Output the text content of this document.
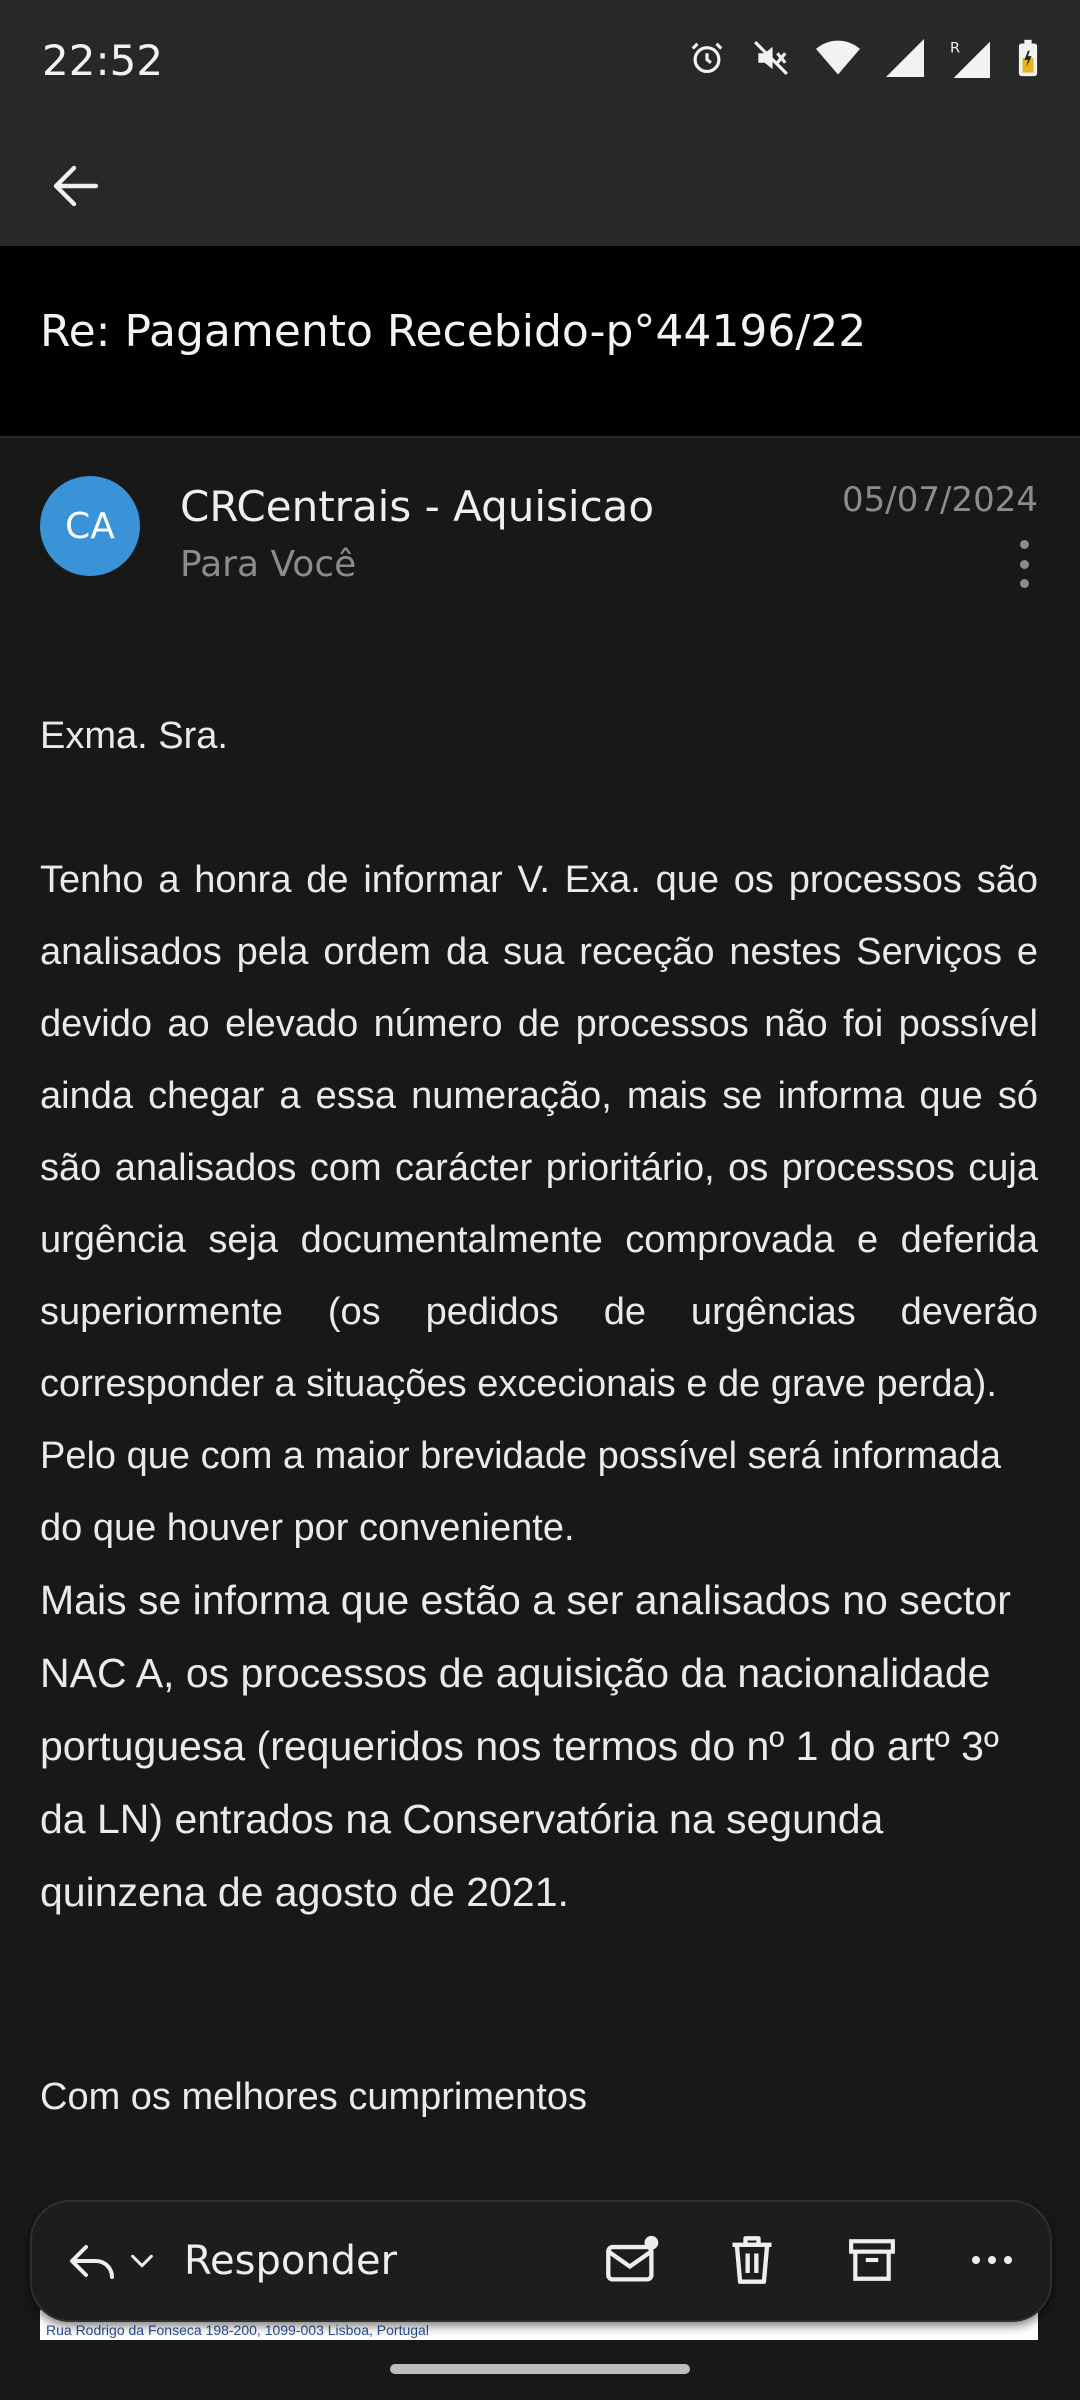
22:52	R
Re: Pagamento Recebido-p°44196/22
CA	CRCentrais - Aquisicao
Para Você
05/07/2024

Exma. Sra.

Tenho a honra de informar V. Exa. que os processos são analisados pela ordem da sua receção nestes Serviços e devido ao elevado número de processos não foi possível ainda chegar a essa numeração, mais se informa que só são analisados com carácter prioritário, os processos cuja urgência seja documentalmente comprovada e deferida superiormente (os pedidos de urgências deverão corresponder a situações excecionais e de grave perda).

Pelo que com a maior brevidade possível será informada do que houver por conveniente.

Mais se informa que estão a ser analisados no sector NAC A, os processos de aquisição da nacionalidade portuguesa (requeridos nos termos do nº 1 do artº 3º da LN) entrados na Conservatória na segunda quinzena de agosto de 2021.

Com os melhores cumprimentos
Rua Rodrigo da Fonseca 198-200, 1099-003 Lisboa, Portugal
Responder
